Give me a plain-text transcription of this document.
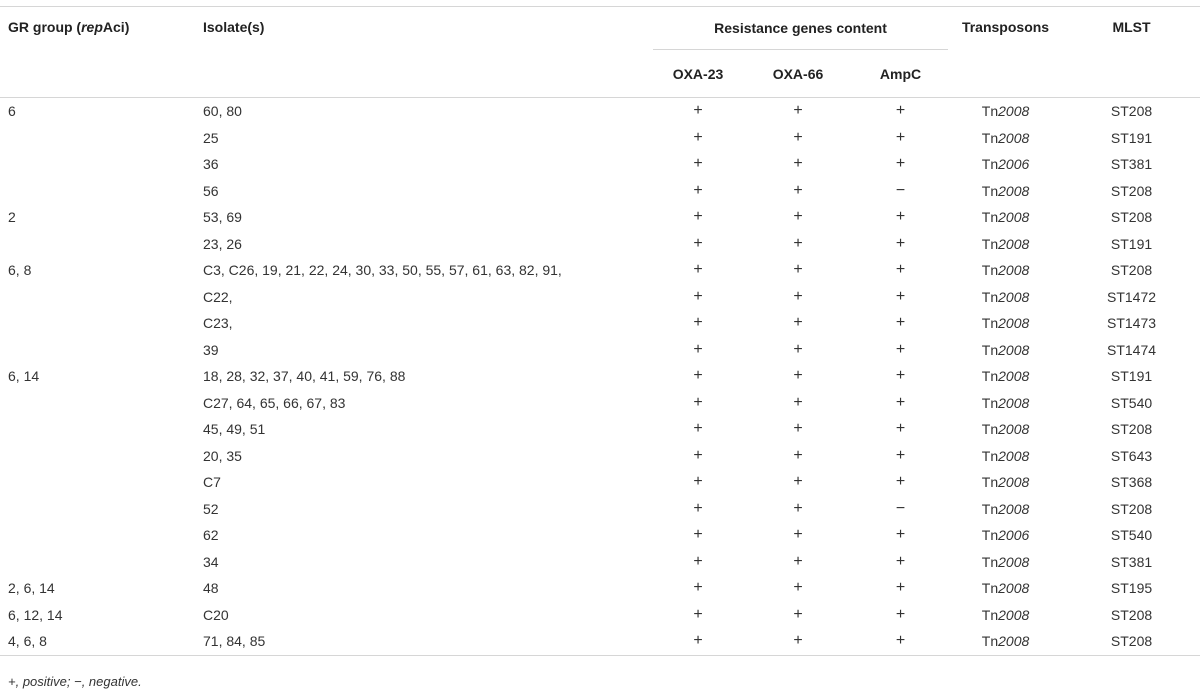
GR group (repAci)	Isolate(s)	Resistance genes content			Transposons	MLST
		OXA-23	OXA-66	AmpC		
6	60, 80	+	+	+	Tn2008	ST208
	25	+	+	+	Tn2008	ST191
	36	+	+	+	Tn2006	ST381
	56	+	+	−	Tn2008	ST208
2	53, 69	+	+	+	Tn2008	ST208
	23, 26	+	+	+	Tn2008	ST191
6, 8	C3, C26, 19, 21, 22, 24, 30, 33, 50, 55, 57, 61, 63, 82, 91,	+	+	+	Tn2008	ST208
	C22,	+	+	+	Tn2008	ST1472
	C23,	+	+	+	Tn2008	ST1473
	39	+	+	+	Tn2008	ST1474
6, 14	18, 28, 32, 37, 40, 41, 59, 76, 88	+	+	+	Tn2008	ST191
	C27, 64, 65, 66, 67, 83	+	+	+	Tn2008	ST540
	45, 49, 51	+	+	+	Tn2008	ST208
	20, 35	+	+	+	Tn2008	ST643
	C7	+	+	+	Tn2008	ST368
	52	+	+	−	Tn2008	ST208
	62	+	+	+	Tn2006	ST540
	34	+	+	+	Tn2008	ST381
2, 6, 14	48	+	+	+	Tn2008	ST195
6, 12, 14	C20	+	+	+	Tn2008	ST208
4, 6, 8	71, 84, 85	+	+	+	Tn2008	ST208
+, positive; −, negative.
